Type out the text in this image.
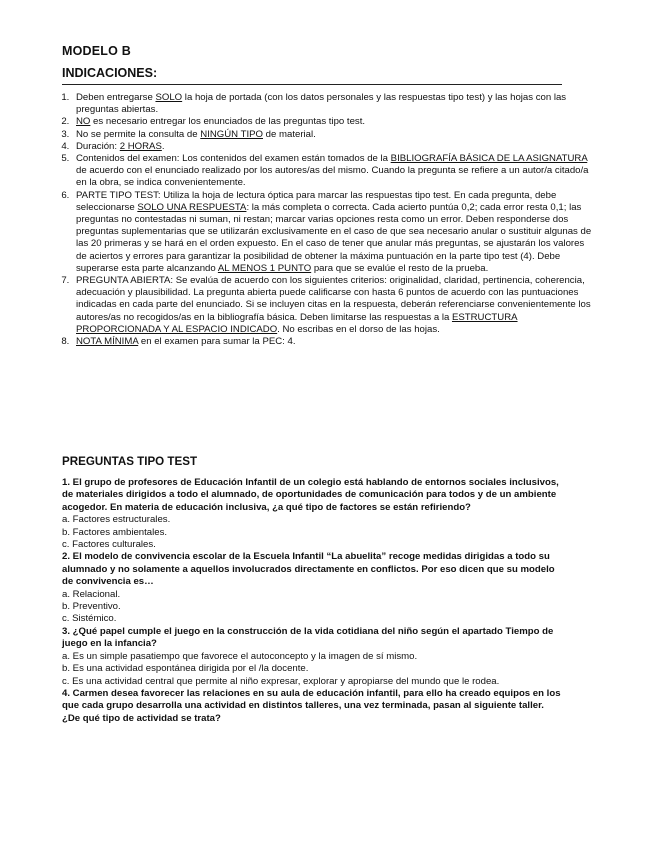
MODELO B
INDICACIONES:
1. Deben entregarse SOLO la hoja de portada (con los datos personales y las respuestas tipo test) y las hojas con las preguntas abiertas.
2. NO es necesario entregar los enunciados de las preguntas tipo test.
3. No se permite la consulta de NINGÚN TIPO de material.
4. Duración: 2 HORAS.
5. Contenidos del examen: Los contenidos del examen están tomados de la BIBLIOGRAFÍA BÁSICA DE LA ASIGNATURA de acuerdo con el enunciado realizado por los autores/as del mismo. Cuando la pregunta se refiere a un autor/a citado/a en la obra, se indica convenientemente.
6. PARTE TIPO TEST: Utiliza la hoja de lectura óptica para marcar las respuestas tipo test. En cada pregunta, debe seleccionarse SOLO UNA RESPUESTA: la más completa o correcta. Cada acierto puntúa 0,2; cada error resta 0,1; las preguntas no contestadas ni suman, ni restan; marcar varias opciones resta como un error. Deben responderse dos preguntas suplementarias que se utilizarán exclusivamente en el caso de que sea necesario anular o sustituir algunas de las 20 primeras y se hará en el orden expuesto. En el caso de tener que anular más preguntas, se ajustarán los valores de aciertos y errores para garantizar la posibilidad de obtener la máxima puntuación en la parte tipo test (4). Debe superarse esta parte alcanzando AL MENOS 1 PUNTO para que se evalúe el resto de la prueba.
7. PREGUNTA ABIERTA: Se evalúa de acuerdo con los siguientes criterios: originalidad, claridad, pertinencia, coherencia, adecuación y plausibilidad. La pregunta abierta puede calificarse con hasta 6 puntos de acuerdo con las puntuaciones indicadas en cada parte del enunciado. Si se incluyen citas en la respuesta, deberán referenciarse convenientemente los autores/as no recogidos/as en la bibliografía básica. Deben limitarse las respuestas a la ESTRUCTURA PROPORCIONADA Y AL ESPACIO INDICADO. No escribas en el dorso de las hojas.
8. NOTA MÍNIMA en el examen para sumar la PEC: 4.
PREGUNTAS TIPO TEST
1. El grupo de profesores de Educación Infantil de un colegio está hablando de entornos sociales inclusivos, de materiales dirigidos a todo el alumnado, de oportunidades de comunicación para todos y de un ambiente acogedor. En materia de educación inclusiva, ¿a qué tipo de factores se están refiriendo?
a. Factores estructurales.
b. Factores ambientales.
c. Factores culturales.
2. El modelo de convivencia escolar de la Escuela Infantil “La abuelita” recoge medidas dirigidas a todo su alumnado y no solamente a aquellos involucrados directamente en conflictos. Por eso dicen que su modelo de convivencia es…
a. Relacional.
b. Preventivo.
c. Sistémico.
3. ¿Qué papel cumple el juego en la construcción de la vida cotidiana del niño según el apartado Tiempo de juego en la infancia?
a. Es un simple pasatiempo que favorece el autoconcepto y la imagen de sí mismo.
b. Es una actividad espontánea dirigida por el /la docente.
c. Es una actividad central que permite al niño expresar, explorar y apropiarse del mundo que le rodea.
4. Carmen desea favorecer las relaciones en su aula de educación infantil, para ello ha creado equipos en los que cada grupo desarrolla una actividad en distintos talleres, una vez terminada, pasan al siguiente taller. ¿De qué tipo de actividad se trata?
